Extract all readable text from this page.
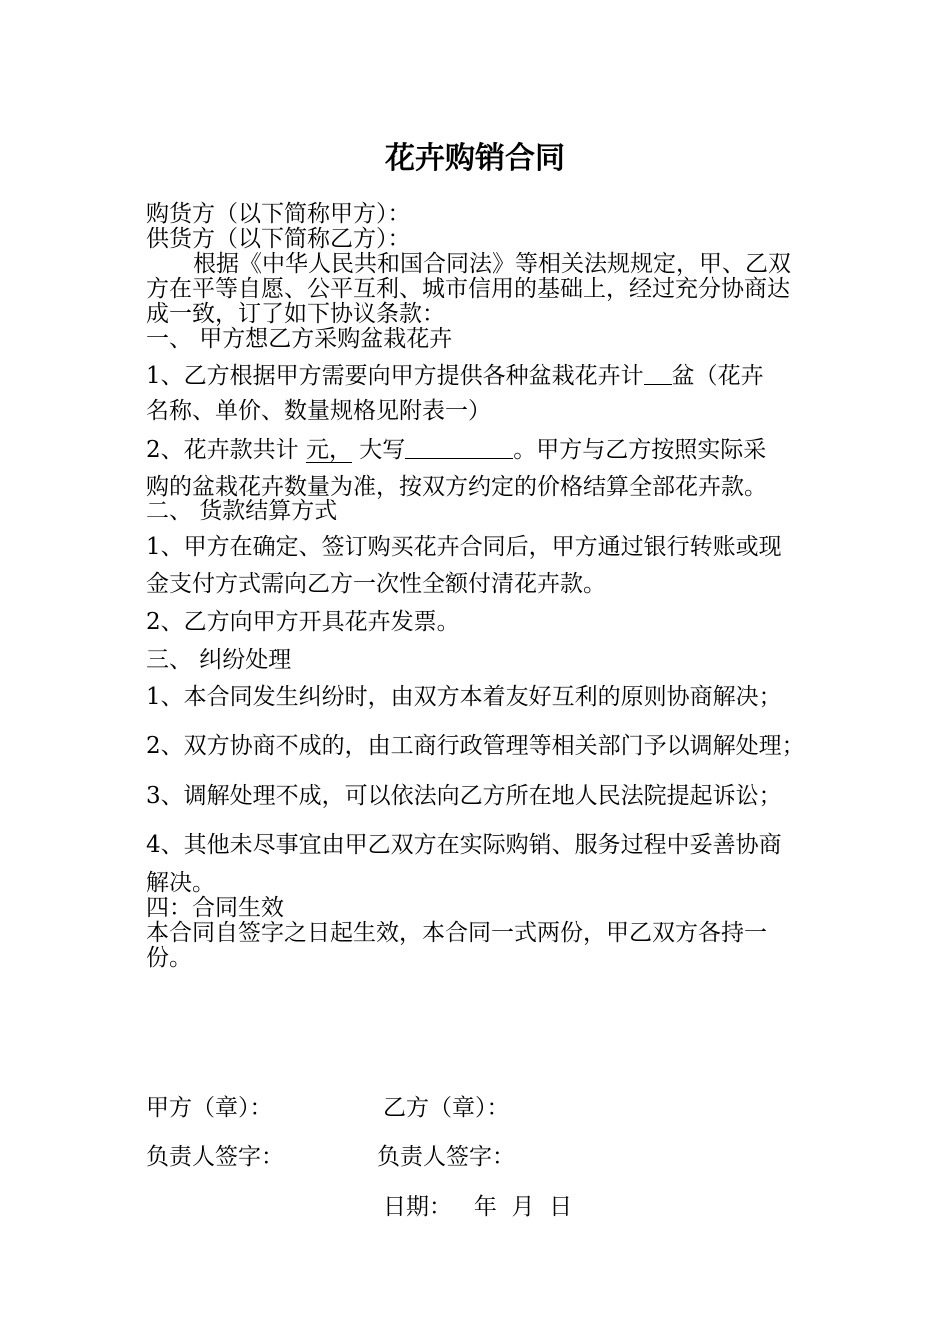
花卉购销合同
购货方（以下简称甲方）：
供货方（以下简称乙方）：
根据《中华人民共和国合同法》等相关法规规定，甲、乙双
方在平等自愿、公平互利、城市信用的基础上，经过充分协商达
成一致，订了如下协议条款：
一、 甲方想乙方采购盆栽花卉
1、乙方根据甲方需要向甲方提供各种盆栽花卉计 盆（花卉
名称、单价、数量规格见附表一）
2、花卉款共计 元， 大写	。甲方与乙方按照实际采
购的盆栽花卉数量为准，按双方约定的价格结算全部花卉款。
二、 货款结算方式
1、甲方在确定、签订购买花卉合同后，甲方通过银行转账或现
金支付方式需向乙方一次性全额付清花卉款。
2、乙方向甲方开具花卉发票。
三、 纠纷处理
1、本合同发生纠纷时，由双方本着友好互利的原则协商解决；
2、双方协商不成的，由工商行政管理等相关部门予以调解处理；
3、调解处理不成，可以依法向乙方所在地人民法院提起诉讼；
4、其他未尽事宜由甲乙双方在实际购销、服务过程中妥善协商
解决。
四：合同生效
本合同自签字之日起生效，本合同一式两份，甲乙双方各持一
份。
甲方（章）：	乙方（章）：
负责人签字：	负责人签字：
日期：   年  月  日
